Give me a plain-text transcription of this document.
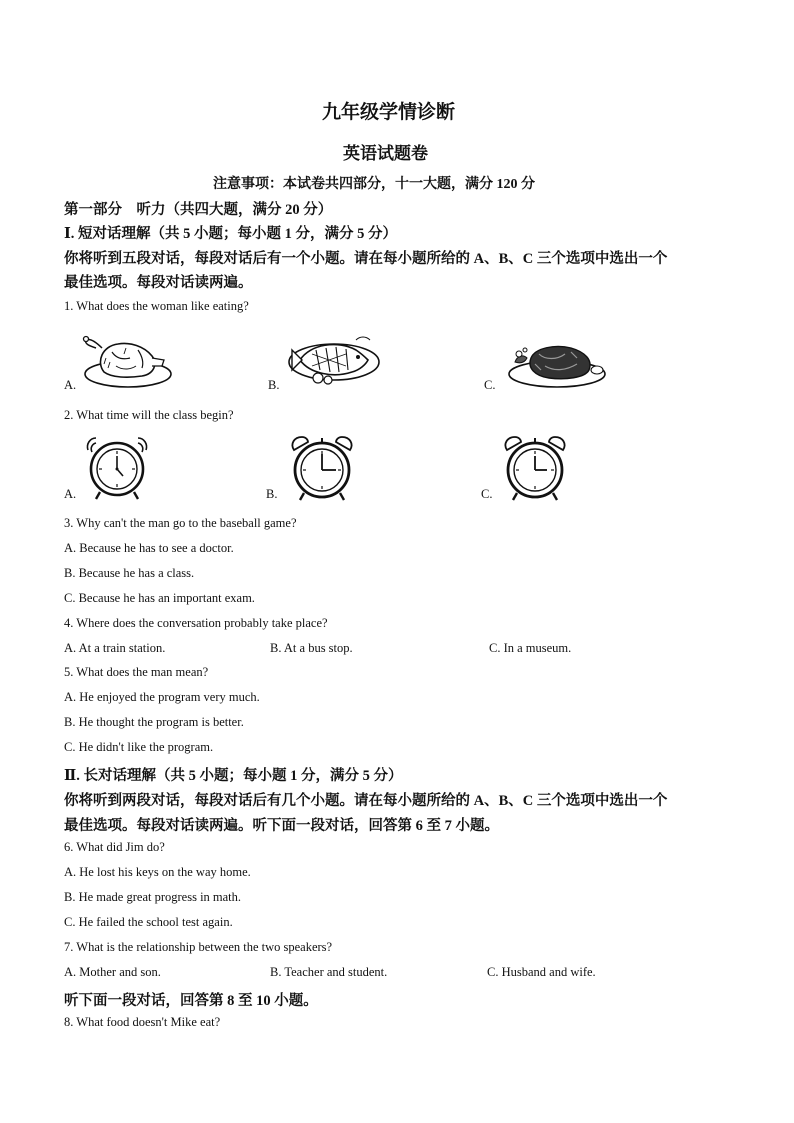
九年级学情诊断
英语试题卷
注意事项：本试卷共四部分，十一大题，满分 120 分
第一部分　听力（共四大题，满分 20 分）
Ⅰ. 短对话理解（共 5 小题；每小题 1 分，满分 5 分）
你将听到五段对话，每段对话后有一个小题。请在每小题所给的 A、B、C 三个选项中选出一个
最佳选项。每段对话读两遍。
1. What does the woman like eating?
A.	B.	C.
2. What time will the class begin?
A.	B.	C.
3. Why can't the man go to the baseball game?
A. Because he has to see a doctor.
B. Because he has a class.
C. Because he has an important exam.
4. Where does the conversation probably take place?
A. At a train station.	B. At a bus stop.	C. In a museum.
5. What does the man mean?
A. He enjoyed the program very much.
B. He thought the program is better.
C. He didn't like the program.
Ⅱ. 长对话理解（共 5 小题；每小题 1 分，满分 5 分）
你将听到两段对话，每段对话后有几个小题。请在每小题所给的 A、B、C 三个选项中选出一个
最佳选项。每段对话读两遍。听下面一段对话，回答第 6 至 7 小题。
6. What did Jim do?
A. He lost his keys on the way home.
B. He made great progress in math.
C. He failed the school test again.
7. What is the relationship between the two speakers?
A. Mother and son.	B. Teacher and student.	C. Husband and wife.
听下面一段对话，回答第 8 至 10 小题。
8. What food doesn't Mike eat?
